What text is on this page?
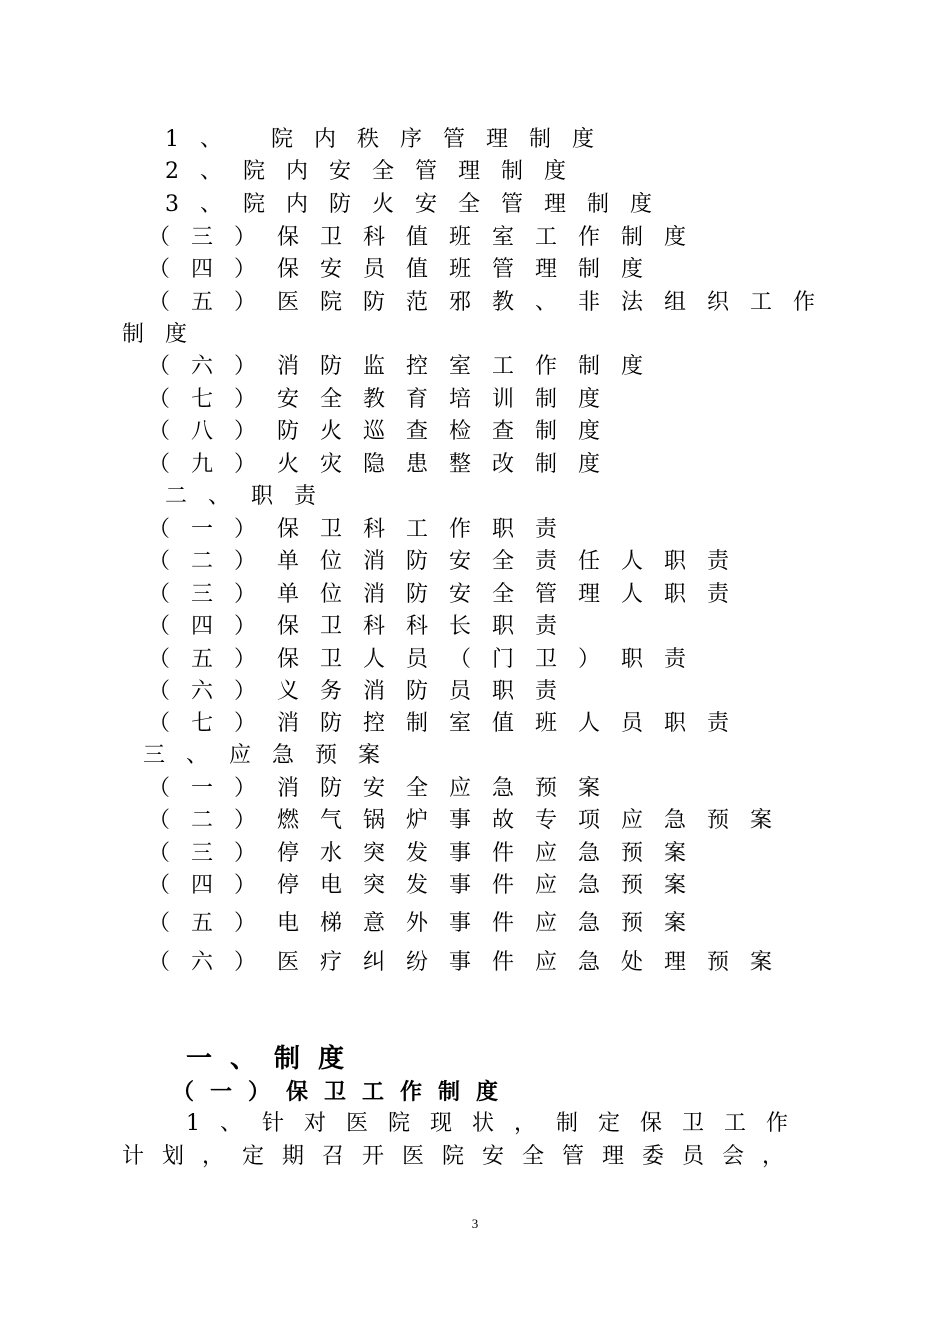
1、 院内秩序管理制度
2、院内安全管理制度
3、院内防火安全管理制度
（三）保卫科值班室工作制度
（四）保安员值班管理制度
（五）医院防范邪教、非法组织工作
制度
（六）消防监控室工作制度
（七）安全教育培训制度
（八）防火巡查检查制度
（九）火灾隐患整改制度
二、职责
（一）保卫科工作职责
（二）单位消防安全责任人职责
（三）单位消防安全管理人职责
（四）保卫科科长职责
（五）保卫人员（门卫）职责
（六）义务消防员职责
（七）消防控制室值班人员职责
三、应急预案
（一）消防安全应急预案
（二）燃气锅炉事故专项应急预案
（三）停水突发事件应急预案
（四）停电突发事件应急预案
（五）电梯意外事件应急预案
（六）医疗纠纷事件应急处理预案
一、制度
（一）保卫工作制度
1、针对医院现状，制定保卫工作
计划，定期召开医院安全管理委员会，
3
